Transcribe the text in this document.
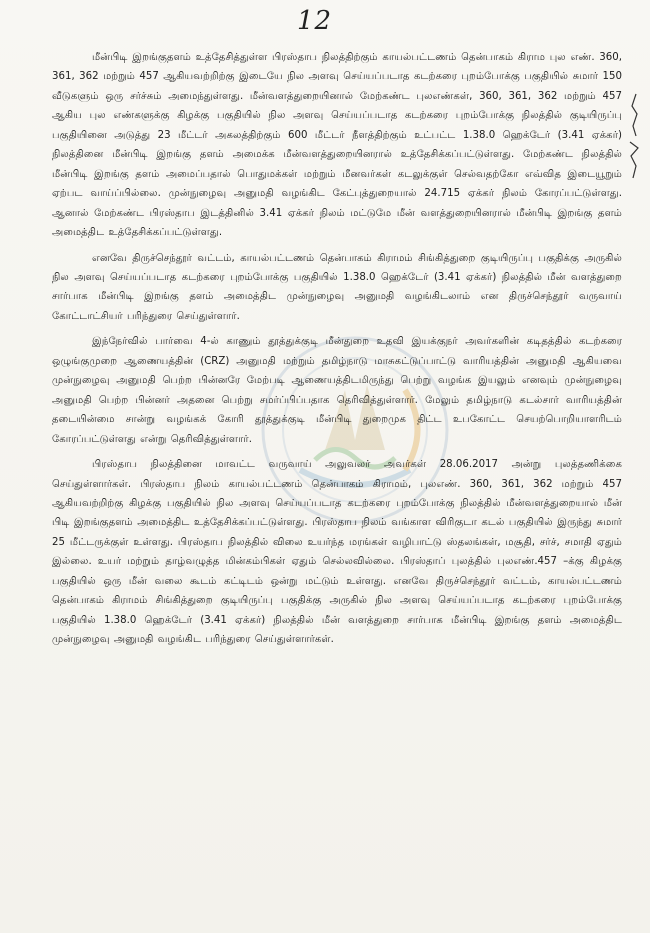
12

மீன்பிடி இறங்குதளம் உத்தேசித்துள்ள பிரஸ்தாப நிலத்திற்கும் காயல்பட்டணம் தென்பாகம் கிராம புல எண். 360, 361, 362 மற்றும் 457 ஆகியவற்றிற்கு இடையே நில அளவு செய்யப்படாத கடற்கரை புறம்போக்கு பகுதியில் சுமார் 150 வீடுகளும் ஒரு சர்ச்சும் அமைந்துள்ளது. மீன்வளத்துறையினால் மேற்கண்ட புலஎண்கள், 360, 361, 362 மற்றும் 457 ஆகிய புல எண்களுக்கு கிழக்கு பகுதியில் நில அளவு செய்யப்படாத கடற்கரை புறம்போக்கு நிலத்தில் குடியிருப்பு பகுதியினை அடுத்து 23 மீட்டர் அகலத்திற்கும் 600 மீட்டர் நீளத்திற்கும் உட்பட்ட 1.38.0 ஹெக்டேர் (3.41 ஏக்கர்) நிலத்தினை மீன்பிடி இறங்கு தளம் அமைக்க மீன்வளத்துறையினரால் உத்தேசிக்கப்பட்டுள்ளது. மேற்கண்ட நிலத்தில் மீன்பிடி இறங்கு தளம் அமைப்பதால் பொதுமக்கள் மற்றும் மீனவர்கள் கடலுக்குள் செல்வதற்கோ எவ்வித இடையூறும் ஏற்பட வாய்ப்பில்லை. முன்நுழைவு அனுமதி வழங்கிட கேட்புத்துறையால் 24.715 ஏக்கர் நிலம் கோரப்பட்டுள்ளது. ஆனால் மேற்கண்ட பிரஸ்தாப இடத்தினில் 3.41 ஏக்கர் நிலம் மட்டுமே மீன் வளத்துறையினரால் மீன்பிடி இறங்கு தளம் அமைத்திட உத்தேசிக்கப்பட்டுள்ளது.

எனவே திருச்செந்தூர் வட்டம், காயல்பட்டணம் தென்பாகம் கிராமம் சிங்கித்துறை குடியிருப்பு பகுதிக்கு அருகில் நில அளவு செய்யப்படாத கடற்கரை புறம்போக்கு பகுதியில் 1.38.0 ஹெக்டேர் (3.41 ஏக்கர்) நிலத்தில் மீன் வளத்துறை சார்பாக மீன்பிடி இறங்கு தளம் அமைத்திட முன்நுழைவு அனுமதி வழங்கிடலாம் என திருச்செந்தூர் வருவாய் கோட்டாட்சியர் பரிந்துரை செய்துள்ளார்.

இந்நேர்வில் பார்வை 4-ல் காணும் தூத்துக்குடி மீன்துறை உதவி இயக்குநர் அவர்களின் கடிதத்தில் கடற்கரை ஒழுங்குமுறை ஆணையத்தின் (CRZ) அனுமதி மற்றும் தமிழ்நாடு மாசுகட்டுப்பாட்டு வாரியத்தின் அனுமதி ஆகியவை முன்நுழைவு அனுமதி பெற்ற பின்னரே மேற்படி ஆணையத்திடமிருந்து பெற்று வழங்க இயலும் எனவும் முன்நுழைவு அனுமதி பெற்ற பின்னர் அதனை பெற்று சமர்ப்பிப்பதாக தெரிவித்துள்ளார். மேலும் தமிழ்நாடு கடல்சார் வாரியத்தின் தடையின்மை சான்று வழங்கக் கோரி தூத்துக்குடி மீன்பிடி துறைமுக திட்ட உபகோட்ட செயற்பொறியாளரிடம் கோரப்பட்டுள்ளது என்று தெரிவித்துள்ளார்.

பிரஸ்தாப நிலத்தினை மாவட்ட வருவாய் அலுவலர் அவர்கள் 28.06.2017 அன்று புலத்தணிக்கை செய்துள்ளார்கள். பிரஸ்தாப நிலம் காயல்பட்டணம் தென்பாகம் கிராமம், புலஎண். 360, 361, 362 மற்றும் 457 ஆகியவற்றிற்கு கிழக்கு பகுதியில் நில அளவு செய்யப்படாத கடற்கரை புறம்போக்கு நிலத்தில் மீன்வளத்துறையால் மீன் பிடி இறங்குதளம் அமைத்திட உத்தேசிக்கப்பட்டுள்ளது. பிரஸ்தாப நிலம் வங்காள விரிகுடா கடல் பகுதியில் இருந்து சுமார் 25 மீட்டருக்குள் உள்ளது. பிரஸ்தாப நிலத்தில் விலை உயர்ந்த மரங்கள் வழிபாட்டு ஸ்தலங்கள், மசூதி, சர்ச், சமாதி ஏதும் இல்லை. உயர் மற்றும் தாழ்வழுத்த மின்கம்பிகள் ஏதும் செல்லவில்லை. பிரஸ்தாப் புலத்தில் புலஎண்.457 –க்கு கிழக்கு பகுதியில் ஒரு மீன் வலை கூடம் கட்டிடம் ஒன்று மட்டும் உள்ளது. எனவே திருச்செந்தூர் வட்டம், காயல்பட்டணம் தென்பாகம் கிராமம் சிங்கித்துறை குடியிருப்பு பகுதிக்கு அருகில் நில அளவு செய்யப்படாத கடற்கரை புறம்போக்கு பகுதியில் 1.38.0 ஹெக்டேர் (3.41 ஏக்கர்) நிலத்தில் மீன் வளத்துறை சார்பாக மீன்பிடி இறங்கு தளம் அமைத்திட முன்நுழைவு அனுமதி வழங்கிட பரிந்துரை செய்துள்ளார்கள்.
